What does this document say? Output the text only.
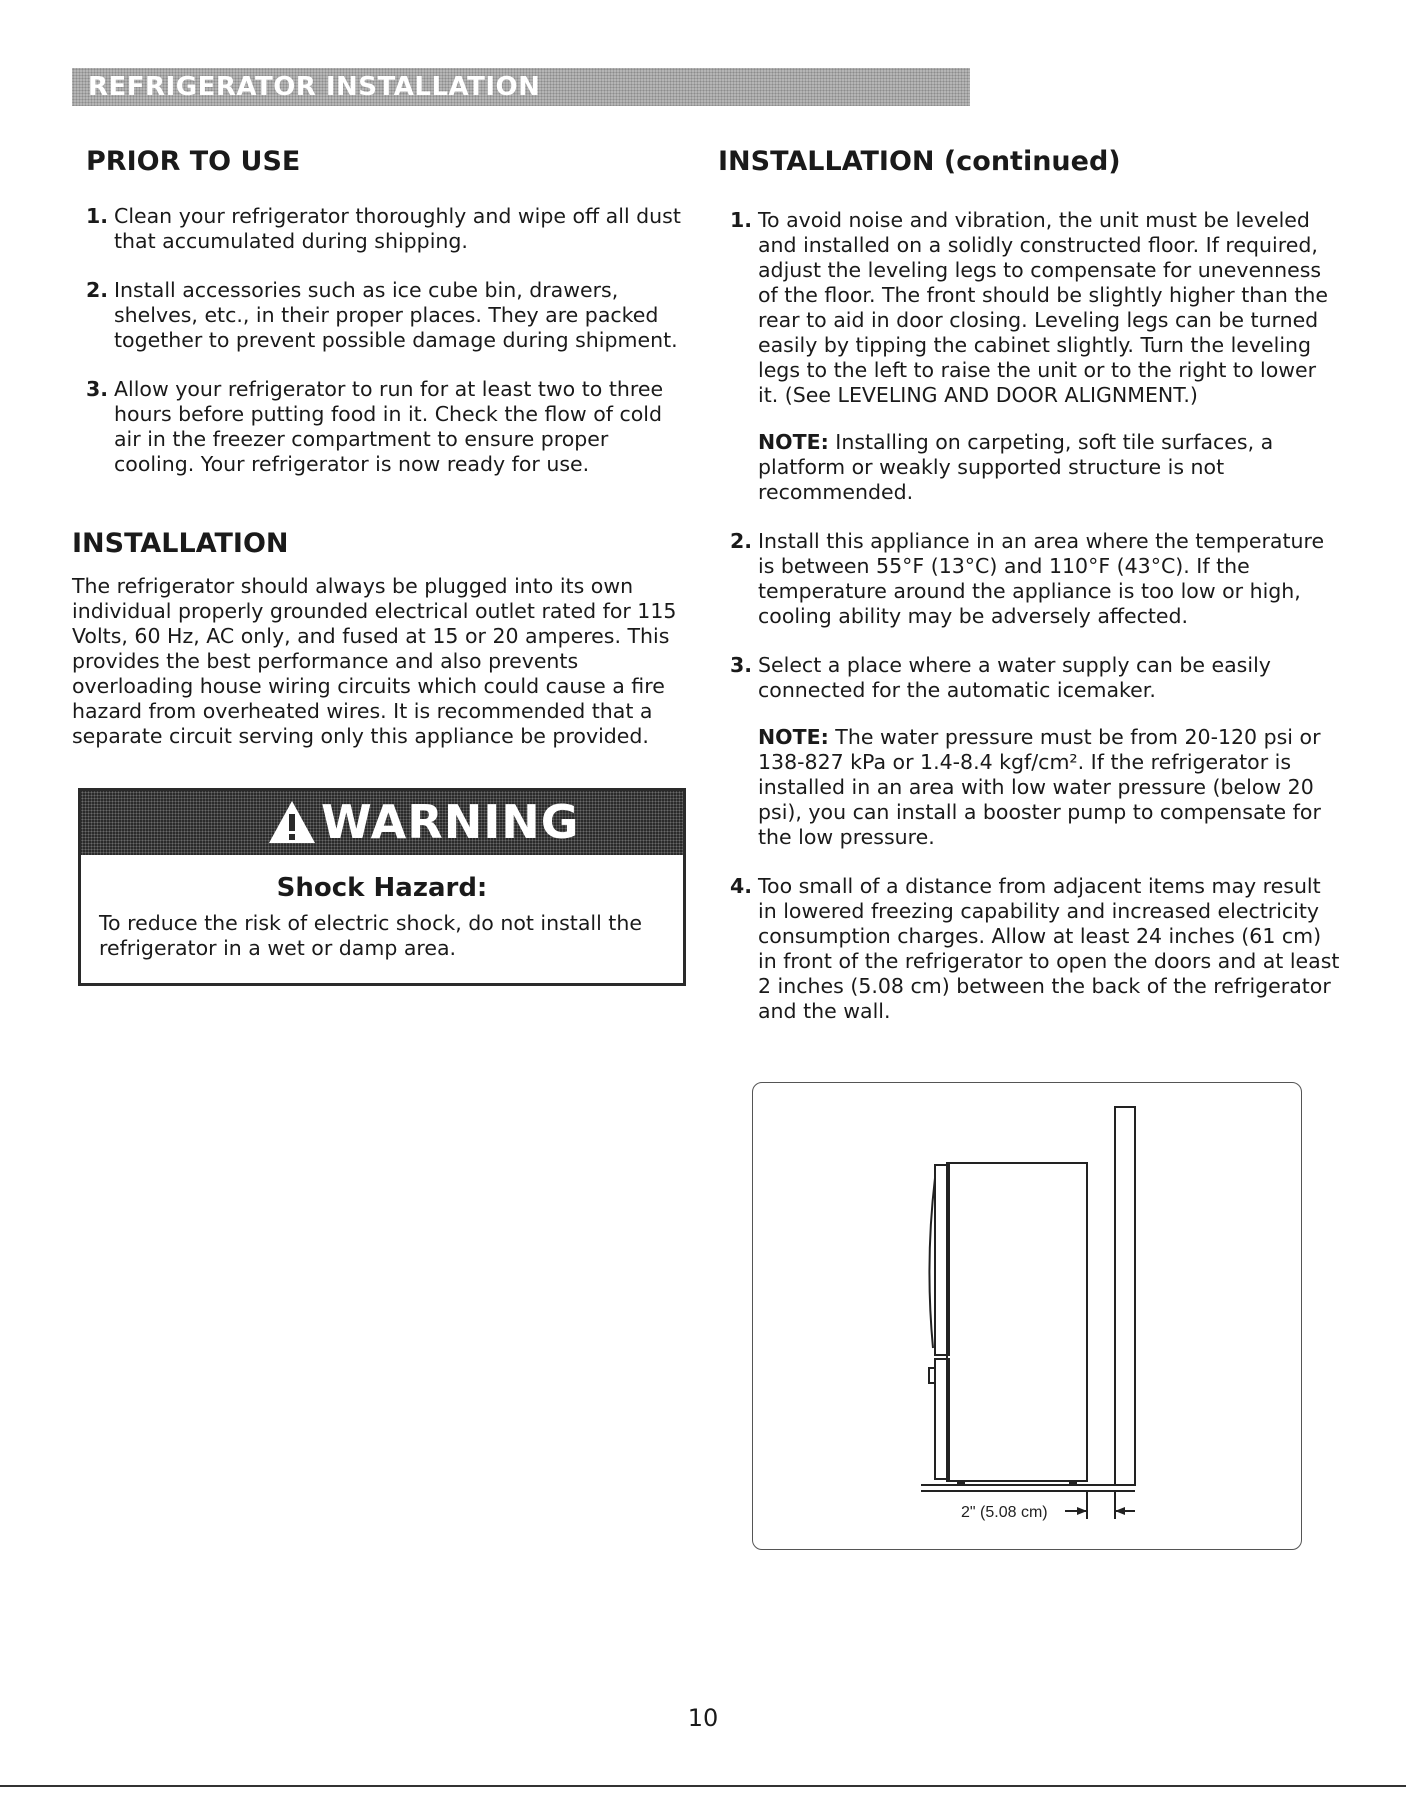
REFRIGERATOR INSTALLATION
PRIOR TO USE
1. Clean your refrigerator thoroughly and wipe off all dust that accumulated during shipping.
2. Install accessories such as ice cube bin, drawers, shelves, etc., in their proper places. They are packed together to prevent possible damage during shipment.
3. Allow your refrigerator to run for at least two to three hours before putting food in it. Check the flow of cold air in the freezer compartment to ensure proper cooling. Your refrigerator is now ready for use.
INSTALLATION

The refrigerator should always be plugged into its own individual properly grounded electrical outlet rated for 115 Volts, 60 Hz, AC only, and fused at 15 or 20 amperes. This provides the best performance and also prevents overloading house wiring circuits which could cause a fire hazard from overheated wires. It is recommended that a separate circuit serving only this appliance be provided.

WARNING
Shock Hazard:
To reduce the risk of electric shock, do not install the refrigerator in a wet or damp area.
INSTALLATION (continued)
1. To avoid noise and vibration, the unit must be leveled and installed on a solidly constructed floor. If required, adjust the leveling legs to compensate for unevenness of the floor. The front should be slightly higher than the rear to aid in door closing. Leveling legs can be turned easily by tipping the cabinet slightly. Turn the leveling legs to the left to raise the unit or to the right to lower it. (See LEVELING AND DOOR ALIGNMENT.)
NOTE: Installing on carpeting, soft tile surfaces, a platform or weakly supported structure is not recommended.
2. Install this appliance in an area where the temperature is between 55°F (13°C) and 110°F (43°C). If the temperature around the appliance is too low or high, cooling ability may be adversely affected.
3. Select a place where a water supply can be easily connected for the automatic icemaker.
NOTE: The water pressure must be from 20-120 psi or 138-827 kPa or 1.4-8.4 kgf/cm². If the refrigerator is installed in an area with low water pressure (below 20 psi), you can install a booster pump to compensate for the low pressure.
4. Too small of a distance from adjacent items may result in lowered freezing capability and increased electricity consumption charges. Allow at least 24 inches (61 cm) in front of the refrigerator to open the doors and at least 2 inches (5.08 cm) between the back of the refrigerator and the wall.
2" (5.08 cm)
10
